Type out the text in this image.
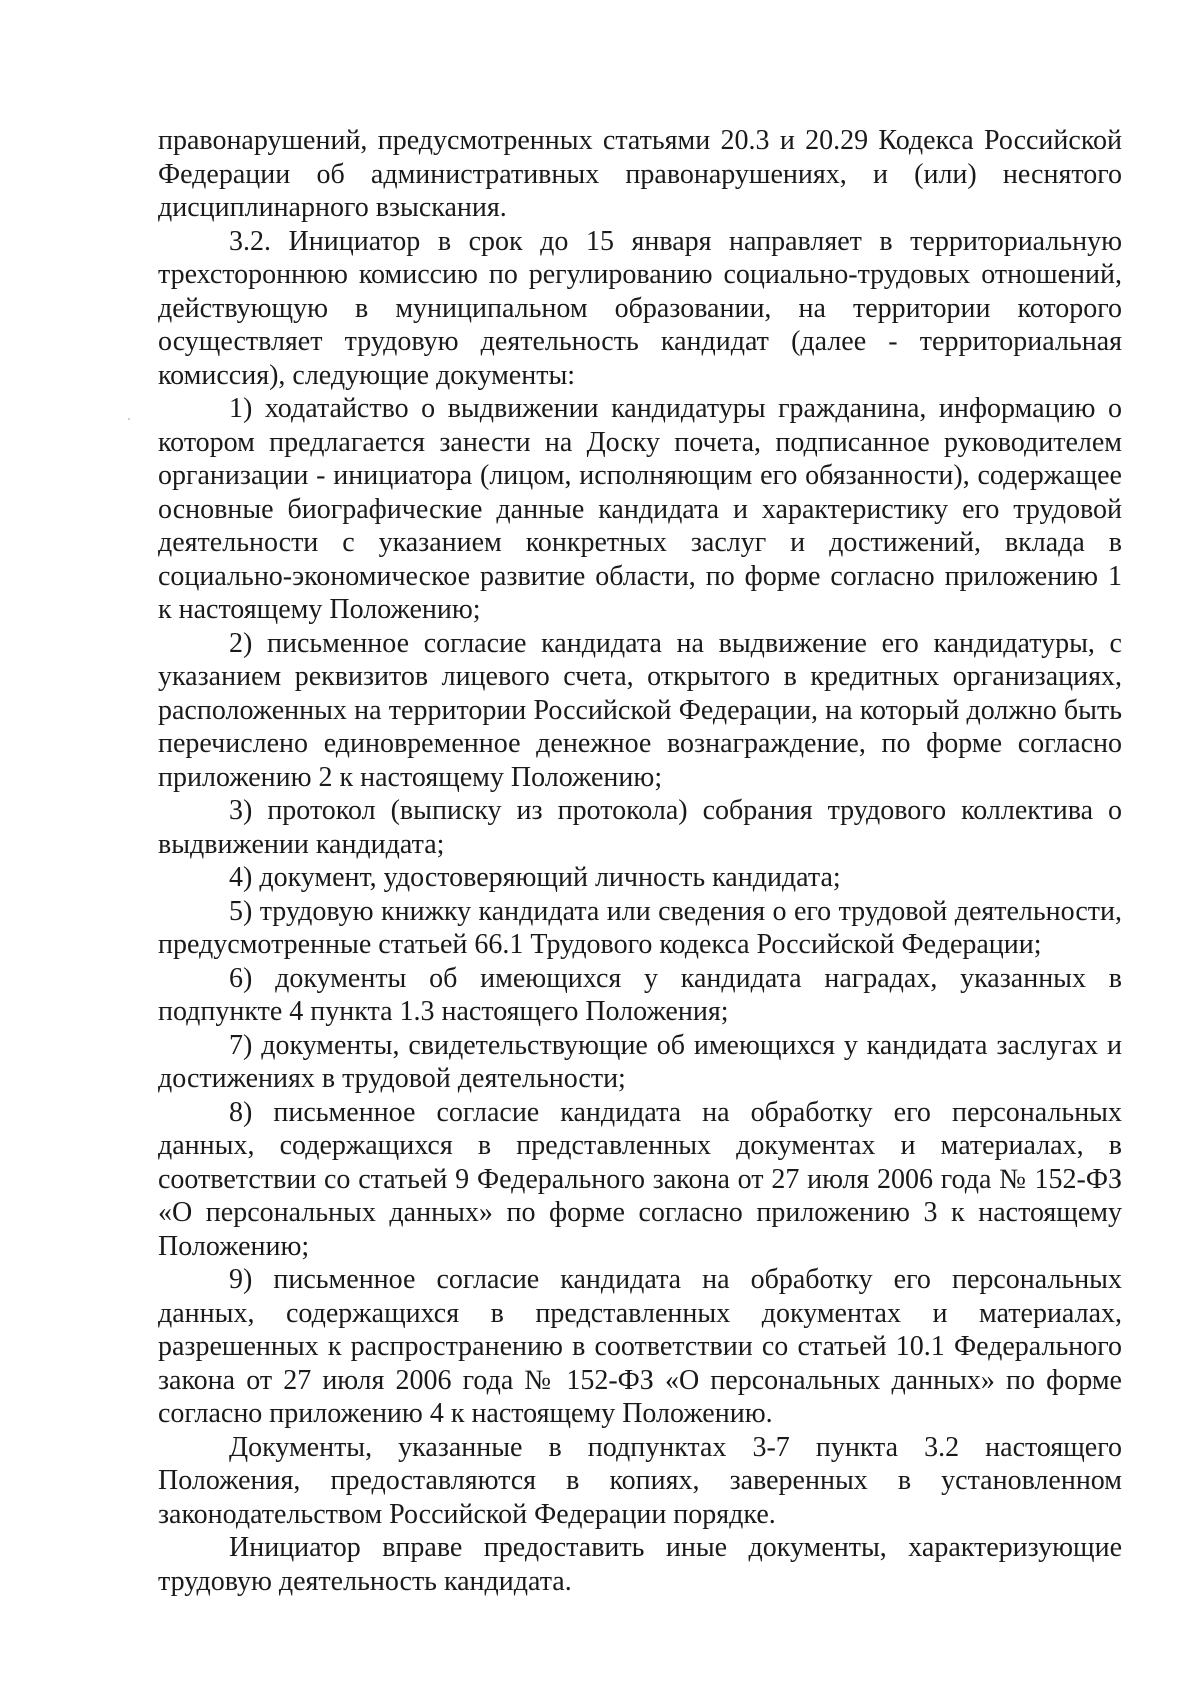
правонарушений, предусмотренных статьями 20.3 и 20.29 Кодекса Российской Федерации об административных правонарушениях, и (или) неснятого дисциплинарного взыскания.

3.2. Инициатор в срок до 15 января направляет в территориальную трехстороннюю комиссию по регулированию социально-трудовых отношений, действующую в муниципальном образовании, на территории которого осуществляет трудовую деятельность кандидат (далее - территориальная комиссия), следующие документы:

1) ходатайство о выдвижении кандидатуры гражданина, информацию о котором предлагается занести на Доску почета, подписанное руководителем организации - инициатора (лицом, исполняющим его обязанности), содержащее основные биографические данные кандидата и характеристику его трудовой деятельности с указанием конкретных заслуг и достижений, вклада в социально-экономическое развитие области, по форме согласно приложению 1 к настоящему Положению;

2) письменное согласие кандидата на выдвижение его кандидатуры, с указанием реквизитов лицевого счета, открытого в кредитных организациях, расположенных на территории Российской Федерации, на который должно быть перечислено единовременное денежное вознаграждение, по форме согласно приложению 2 к настоящему Положению;

3) протокол (выписку из протокола) собрания трудового коллектива о выдвижении кандидата;

4) документ, удостоверяющий личность кандидата;

5) трудовую книжку кандидата или сведения о его трудовой деятельности, предусмотренные статьей 66.1 Трудового кодекса Российской Федерации;

6) документы об имеющихся у кандидата наградах, указанных в подпункте 4 пункта 1.3 настоящего Положения;

7) документы, свидетельствующие об имеющихся у кандидата заслугах и достижениях в трудовой деятельности;

8) письменное согласие кандидата на обработку его персональных данных, содержащихся в представленных документах и материалах, в соответствии со статьей 9 Федерального закона от 27 июля 2006 года № 152-ФЗ «О персональных данных» по форме согласно приложению 3 к настоящему Положению;

9) письменное согласие кандидата на обработку его персональных данных, содержащихся в представленных документах и материалах, разрешенных к распространению в соответствии со статьей 10.1 Федерального закона от 27 июля 2006 года № 152-ФЗ «О персональных данных» по форме согласно приложению 4 к настоящему Положению.

Документы, указанные в подпунктах 3-7 пункта 3.2 настоящего Положения, предоставляются в копиях, заверенных в установленном законодательством Российской Федерации порядке.

Инициатор вправе предоставить иные документы, характеризующие трудовую деятельность кандидата.
